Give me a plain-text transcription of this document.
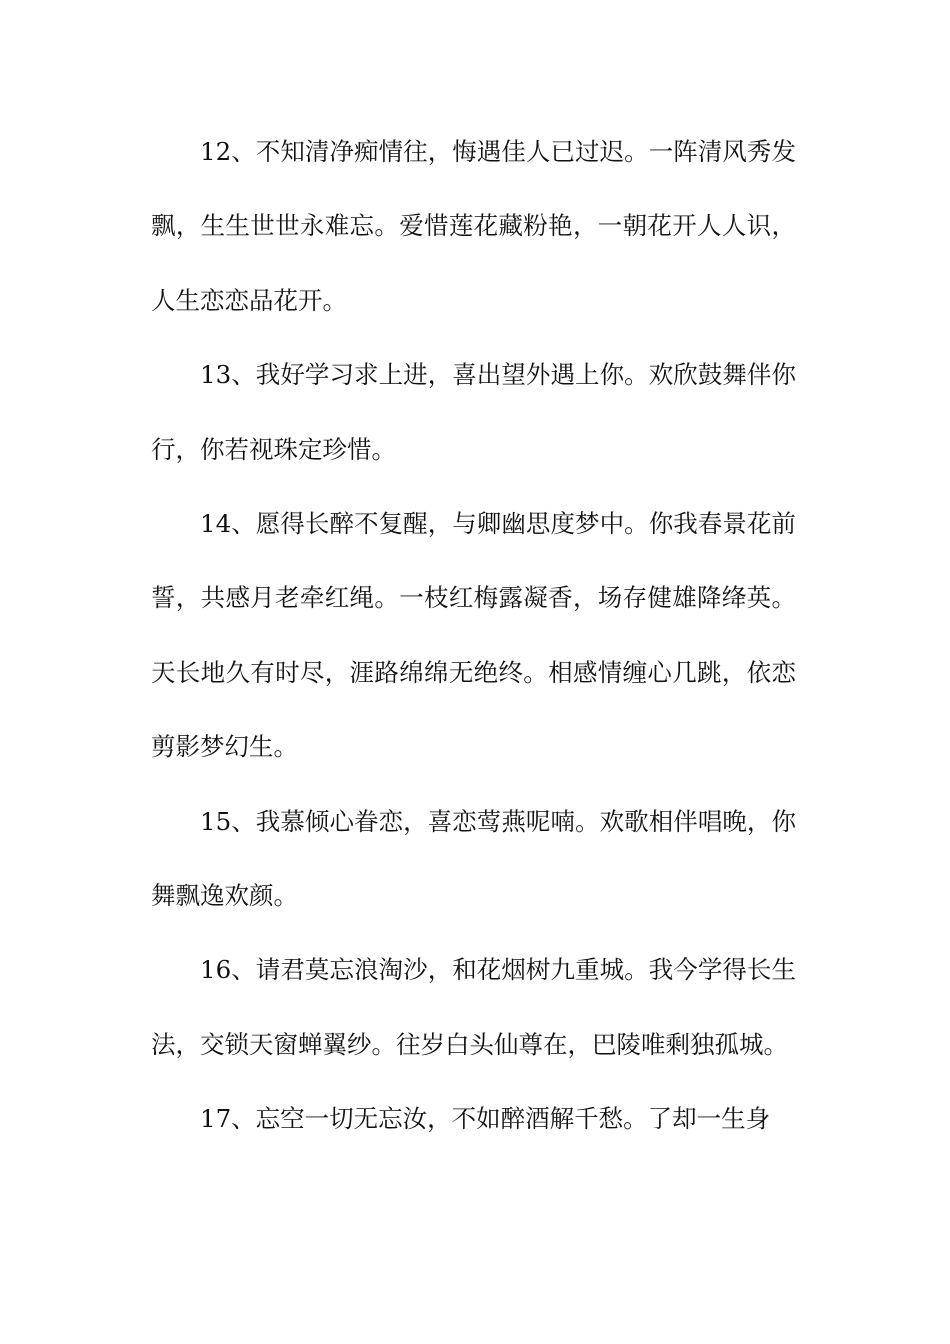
12、不知清净痴情往，悔遇佳人已过迟。一阵清风秀发飘，生生世世永难忘。爱惜莲花藏粉艳，一朝花开人人识，人生恋恋品花开。

13、我好学习求上进，喜出望外遇上你。欢欣鼓舞伴你行，你若视珠定珍惜。

14、愿得长醉不复醒，与卿幽思度梦中。你我春景花前誓，共感月老牵红绳。一枝红梅露凝香，场存健雄降绛英。天长地久有时尽，涯路绵绵无绝终。相感情缠心几跳，依恋剪影梦幻生。

15、我慕倾心眷恋，喜恋莺燕呢喃。欢歌相伴唱晚，你舞飘逸欢颜。

16、请君莫忘浪淘沙，和花烟树九重城。我今学得长生法，交锁天窗蝉翼纱。往岁白头仙尊在，巴陵唯剩独孤城。

17、忘空一切无忘汝，不如醉酒解千愁。了却一生身
